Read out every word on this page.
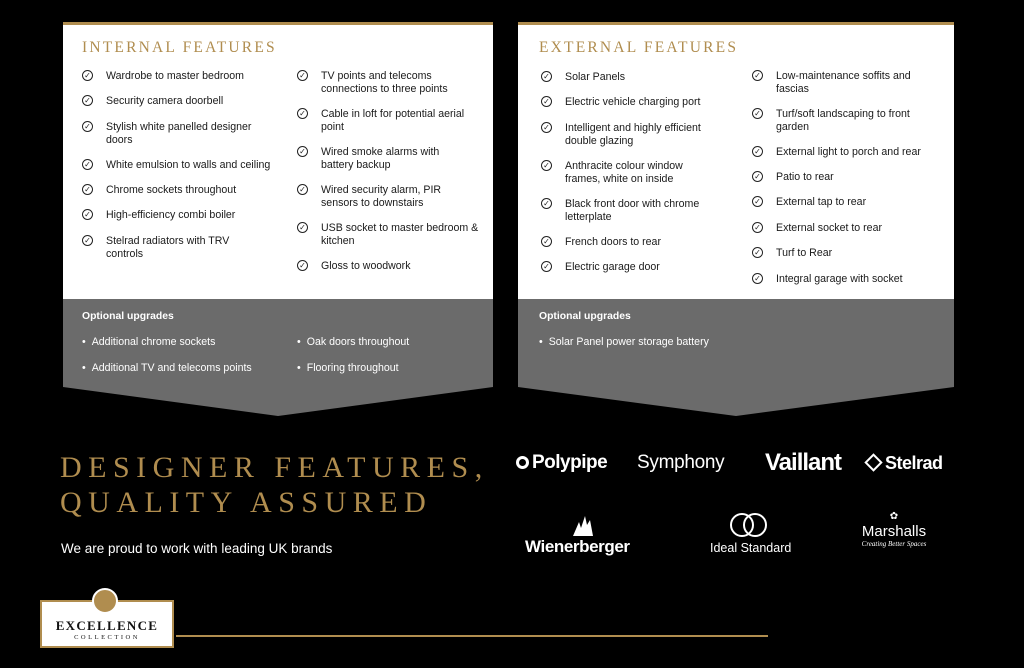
INTERNAL FEATURES
✓ Wardrobe to master bedroom
✓ Security camera doorbell
✓ Stylish white panelled designer doors
✓ White emulsion to walls and ceiling
✓ Chrome sockets throughout
✓ High-efficiency combi boiler
✓ Stelrad radiators with TRV controls
✓ TV points and telecoms connections to three points
✓ Cable in loft for potential aerial point
✓ Wired smoke alarms with battery backup
✓ Wired security alarm, PIR sensors to downstairs
✓ USB socket to master bedroom & kitchen
✓ Gloss to woodwork
Optional upgrades
• Additional chrome sockets
• Additional TV and telecoms points
• Oak doors throughout
• Flooring throughout
EXTERNAL FEATURES
✓ Solar Panels
✓ Electric vehicle charging port
✓ Intelligent and highly efficient double glazing
✓ Anthracite colour window frames, white on inside
✓ Black front door with chrome letterplate
✓ French doors to rear
✓ Electric garage door
✓ Low-maintenance soffits and fascias
✓ Turf/soft landscaping to front garden
✓ External light to porch and rear
✓ Patio to rear
✓ External tap to rear
✓ External socket to rear
✓ Turf to Rear
✓ Integral garage with socket
Optional upgrades
• Solar Panel power storage battery
DESIGNER FEATURES,
QUALITY ASSURED
We are proud to work with leading UK brands
Polypipe Symphony Vaillant	Stelrad
Wienerberger	Ideal Standard
✿
Marshalls
Creating Better Spaces
EXCELLENCE
COLLECTION
